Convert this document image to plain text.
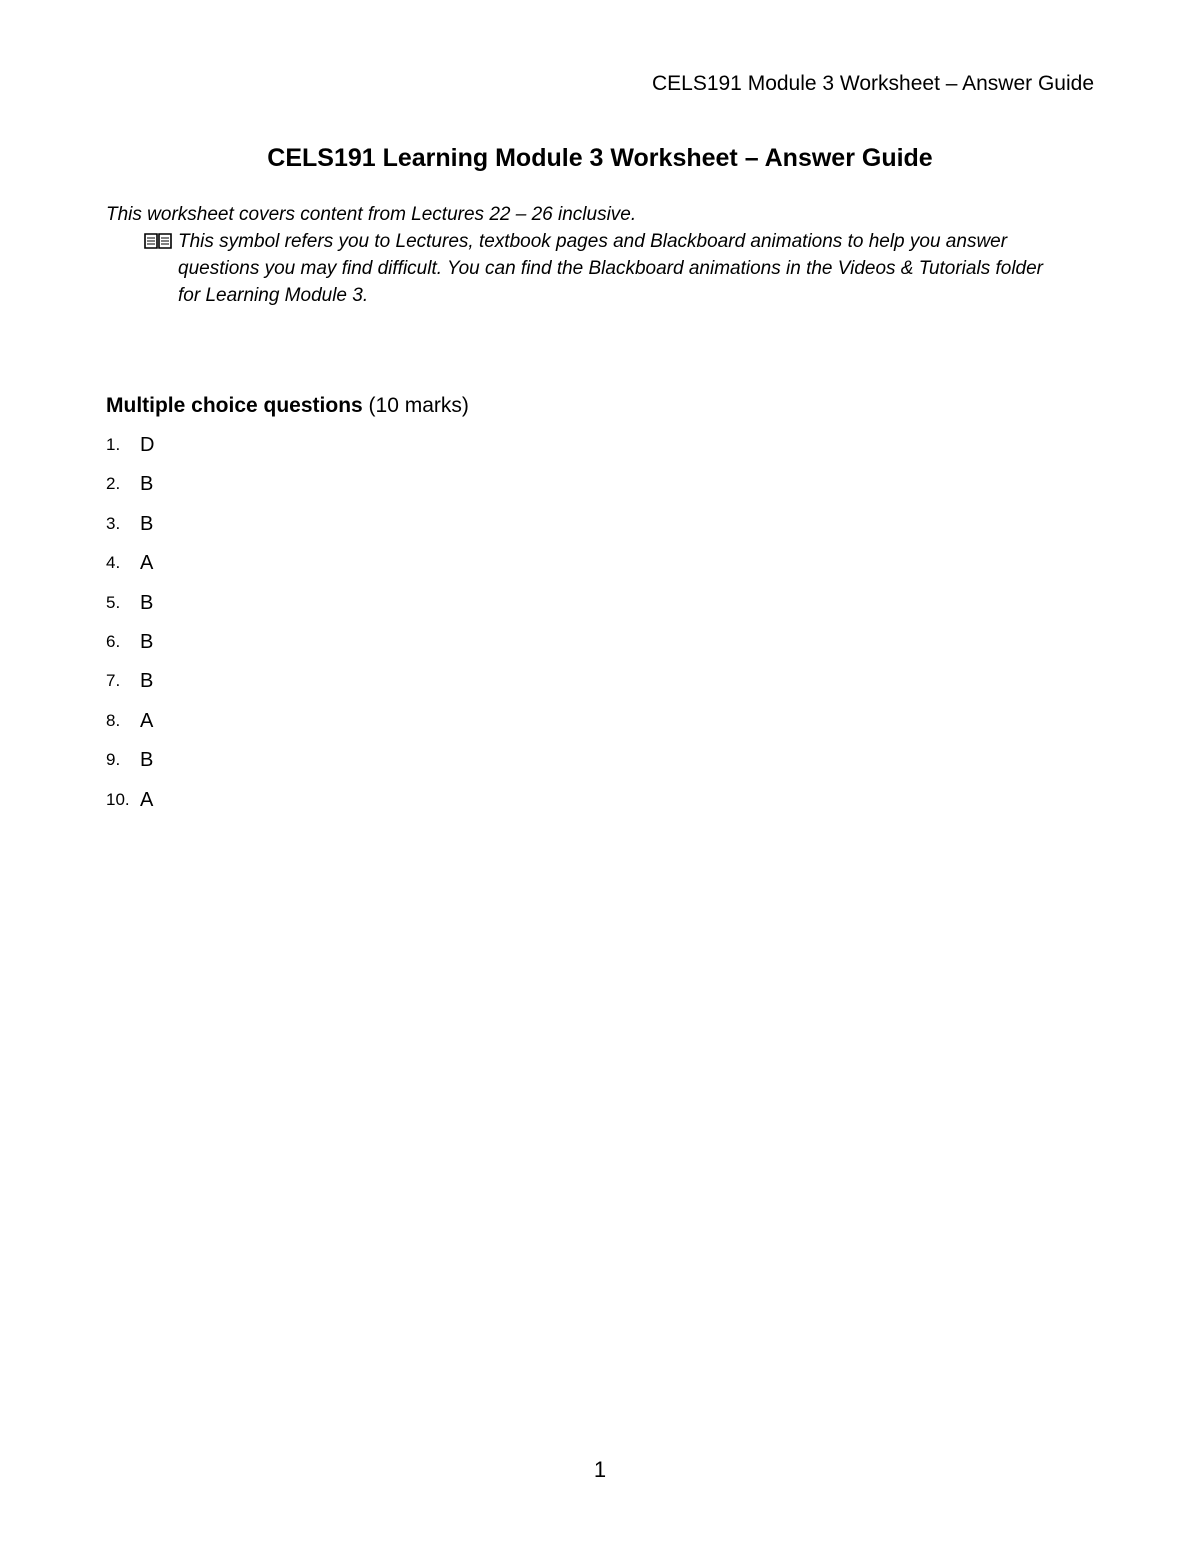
CELS191 Module 3 Worksheet – Answer Guide
CELS191 Learning Module 3 Worksheet – Answer Guide

This worksheet covers content from Lectures 22 – 26 inclusive.

This symbol refers you to Lectures, textbook pages and Blackboard animations to help you answer questions you may find difficult. You can find the Blackboard animations in the Videos & Tutorials folder for Learning Module 3.

Multiple choice questions (10 marks)
1. D
2. B
3. B
4. A
5. B
6. B
7. B
8. A
9. B
10. A
1
